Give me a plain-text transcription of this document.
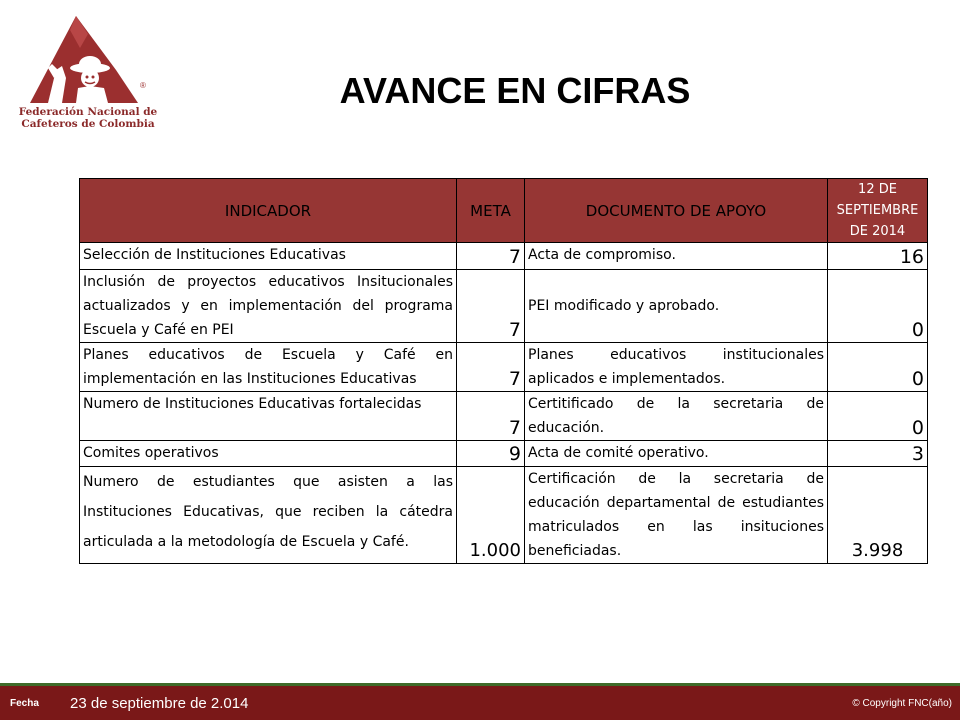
®
Federación Nacional de
Cafeteros de Colombia
AVANCE EN CIFRAS
INDICADOR	META	DOCUMENTO DE APOYO	12 DE
SEPTIEMBRE
DE 2014

Selección de Instituciones Educativas	7	Acta de compromiso.	16
Inclusión de proyectos educativos Insitucionales actualizados y en implementación del programa Escuela y Café en PEI	7	PEI modificado y aprobado.	0
Planes educativos de Escuela y Café en implementación en las Instituciones Educativas	7	Planes educativos institucionales aplicados e implementados.	0
Numero de Instituciones Educativas fortalecidas	7	Certitificado de la secretaria de educación.	0
Comites operativos	9	Acta de comité operativo.	3
Numero de estudiantes que asisten a las Instituciones Educativas, que reciben la cátedra articulada a la metodología de Escuela y Café.	1.000	Certificación de la secretaria de educación departamental de estudiantes matriculados en las insituciones beneficiadas.	3.998
Fecha 23 de septiembre de 2.014	© Copyright FNC(año)
